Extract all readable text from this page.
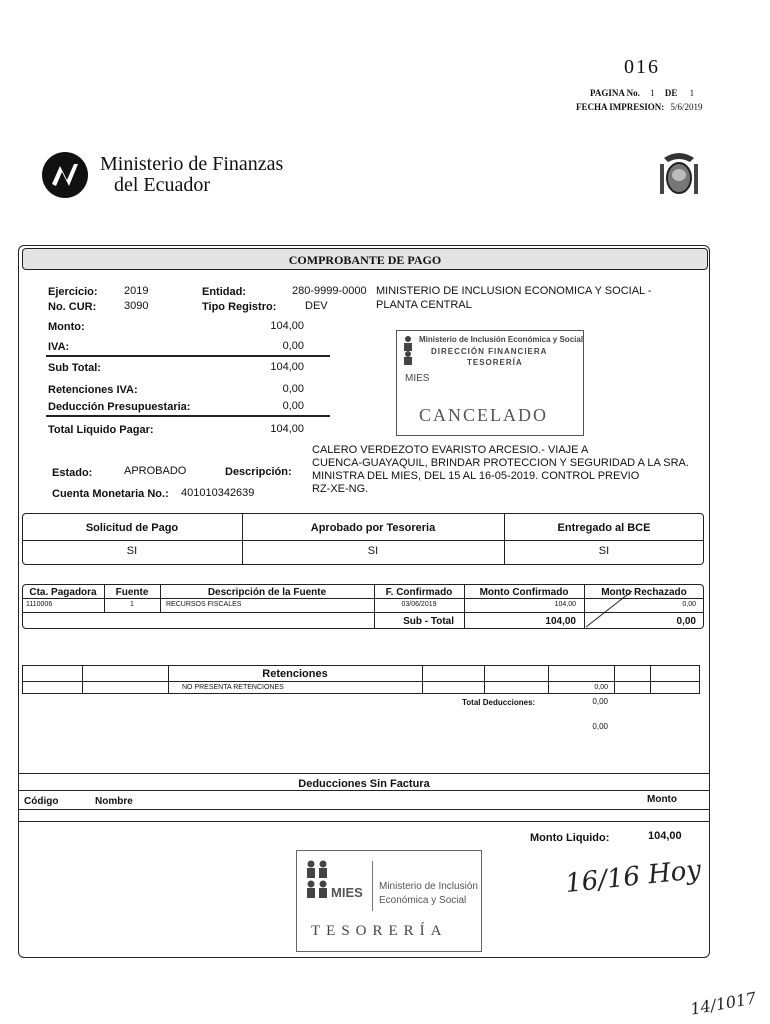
016
PAGINA No. 1 DE 1
FECHA IMPRESION: 5/6/2019
Ministerio de Finanzas
del Ecuador
COMPROBANTE DE PAGO
Ejercicio: 2019
No. CUR:	3090
Entidad:	280-9999-0000
Tipo Registro:	DEV
MINISTERIO DE INCLUSION ECONOMICA Y SOCIAL -
PLANTA CENTRAL
Monto:	104,00
IVA:	0,00
Sub Total:	104,00
Retenciones IVA:	0,00
Deducción Presupuestaria:	0,00
Total Liquido Pagar:	104,00
Ministerio de Inclusión Económica y Social
DIRECCIÓN FINANCIERA
TESORERÍA
MIES
CANCELADO
CALERO VERDEZOTO EVARISTO ARCESIO.- VIAJE A
CUENCA-GUAYAQUIL, BRINDAR PROTECCION Y SEGURIDAD A LA SRA.
MINISTRA DEL MIES, DEL 15 AL 16-05-2019. CONTROL PREVIO
RZ-XE-NG.
Estado:	APROBADO	Descripción:
Cuenta Monetaria No.: 401010342639
Solicitud de Pago	Aprobado por Tesoreria	Entregado al BCE
SI	SI	SI
Cta. Pagadora	Fuente	Descripción de la Fuente	F. Confirmado	Monto Confirmado	Monto Rechazado
1110006	1	RECURSOS FISCALES	03/06/2019	104,00	0,00
Sub - Total	104,00	0,00
Retenciones
NO PRESENTA RETENCIONES	0,00
Total Deducciones:	0,00
0,00
Deducciones Sin Factura
Código	Nombre	Monto
Monto Liquido:	104,00
MIES Ministerio de Inclusión
Económica y Social
TESORERÍA
16/16 Hoy
14/1017
